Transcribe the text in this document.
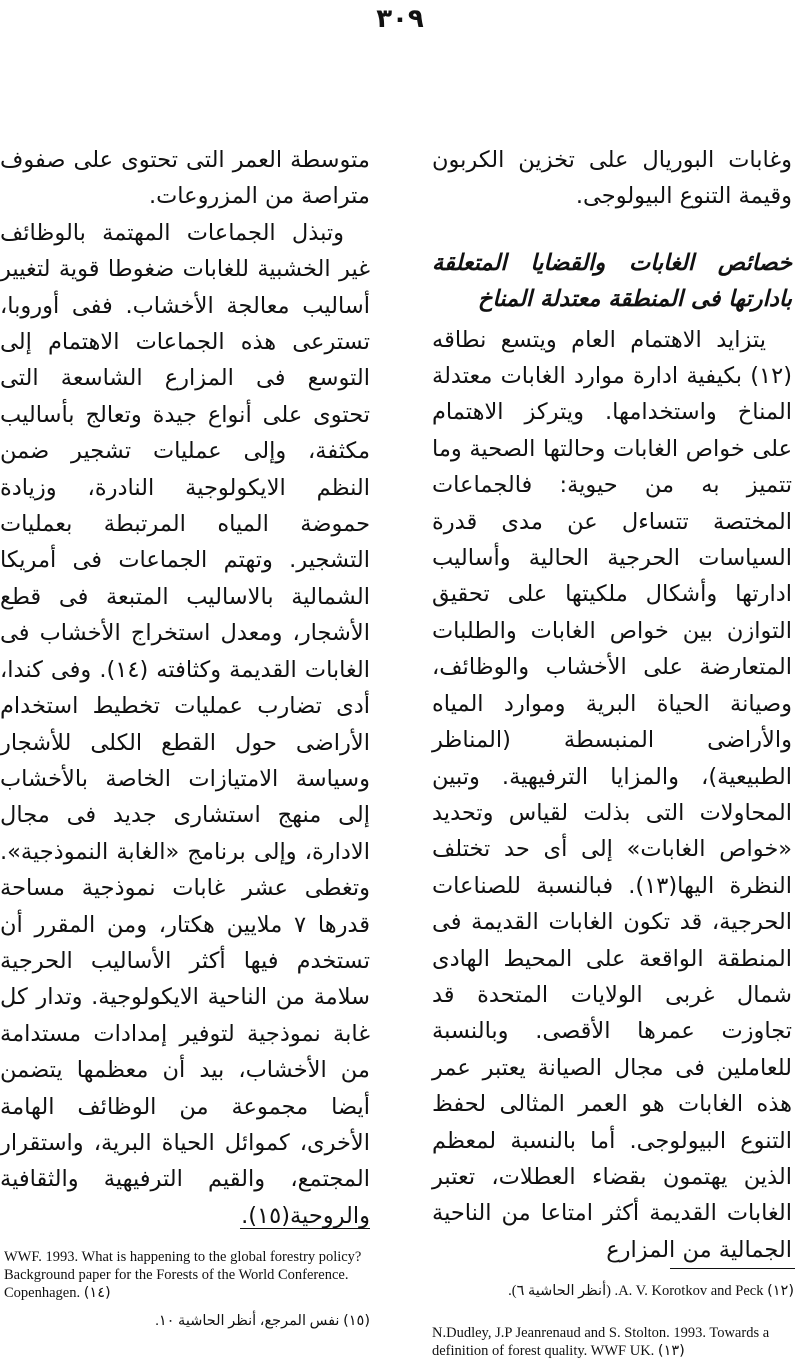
٣٠٩

وغابات البوريال على تخزين الكربون وقيمة التنوع البيولوجى.

خصائص الغابات والقضايا المتعلقة بادارتها فى المنطقة معتدلة المناخ

يتزايد الاهتمام العام ويتسع نطاقه (١٢) بكيفية ادارة موارد الغابات معتدلة المناخ واستخدامها. ويتركز الاهتمام على خواص الغابات وحالتها الصحية وما تتميز به من حيوية: فالجماعات المختصة تتساءل عن مدى قدرة السياسات الحرجية الحالية وأساليب ادارتها وأشكال ملكيتها على تحقيق التوازن بين خواص الغابات والطلبات المتعارضة على الأخشاب والوظائف، وصيانة الحياة البرية وموارد المياه والأراضى المنبسطة (المناظر الطبيعية)، والمزايا الترفيهية. وتبين المحاولات التى بذلت لقياس وتحديد «خواص الغابات» إلى أى حد تختلف النظرة اليها(١٣). فبالنسبة للصناعات الحرجية، قد تكون الغابات القديمة فى المنطقة الواقعة على المحيط الهادى شمال غربى الولايات المتحدة قد تجاوزت عمرها الأقصى. وبالنسبة للعاملين فى مجال الصيانة يعتبر عمر هذه الغابات هو العمر المثالى لحفظ التنوع البيولوجى. أما بالنسبة لمعظم الذين يهتمون بقضاء العطلات، تعتبر الغابات القديمة أكثر امتاعا من الناحية الجمالية من المزارع

متوسطة العمر التى تحتوى على صفوف متراصة من المزروعات.

وتبذل الجماعات المهتمة بالوظائف غير الخشبية للغابات ضغوطا قوية لتغيير أساليب معالجة الأخشاب. ففى أوروبا، تسترعى هذه الجماعات الاهتمام إلى التوسع فى المزارع الشاسعة التى تحتوى على أنواع جيدة وتعالج بأساليب مكثفة، وإلى عمليات تشجير ضمن النظم الايكولوجية النادرة، وزيادة حموضة المياه المرتبطة بعمليات التشجير. وتهتم الجماعات فى أمريكا الشمالية بالاساليب المتبعة فى قطع الأشجار، ومعدل استخراج الأخشاب فى الغابات القديمة وكثافته (١٤). وفى كندا، أدى تضارب عمليات تخطيط استخدام الأراضى حول القطع الكلى للأشجار وسياسة الامتيازات الخاصة بالأخشاب إلى منهج استشارى جديد فى مجال الادارة، وإلى برنامج «الغابة النموذجية». وتغطى عشر غابات نموذجية مساحة قدرها ٧ ملايين هكتار، ومن المقرر أن تستخدم فيها أكثر الأساليب الحرجية سلامة من الناحية الايكولوجية. وتدار كل غابة نموذجية لتوفير إمدادات مستدامة من الأخشاب، بيد أن معظمها يتضمن أيضا مجموعة من الوظائف الهامة الأخرى، كموائل الحياة البرية، واستقرار المجتمع، والقيم الترفيهية والثقافية والروحية(١٥).

WWF. 1993. What is happening to the global forestry policy? Background paper for the Forests of the World Conference. Copenhagen. (١٤)
(١٥) نفس المرجع، أنظر الحاشية ١٠.
(١٢) A. V. Korotkov and Peck. (أنظر الحاشية ٦).
N.Dudley, J.P Jeanrenaud and S. Stolton. 1993. Towards a definition of forest quality. WWF UK. (١٣)
